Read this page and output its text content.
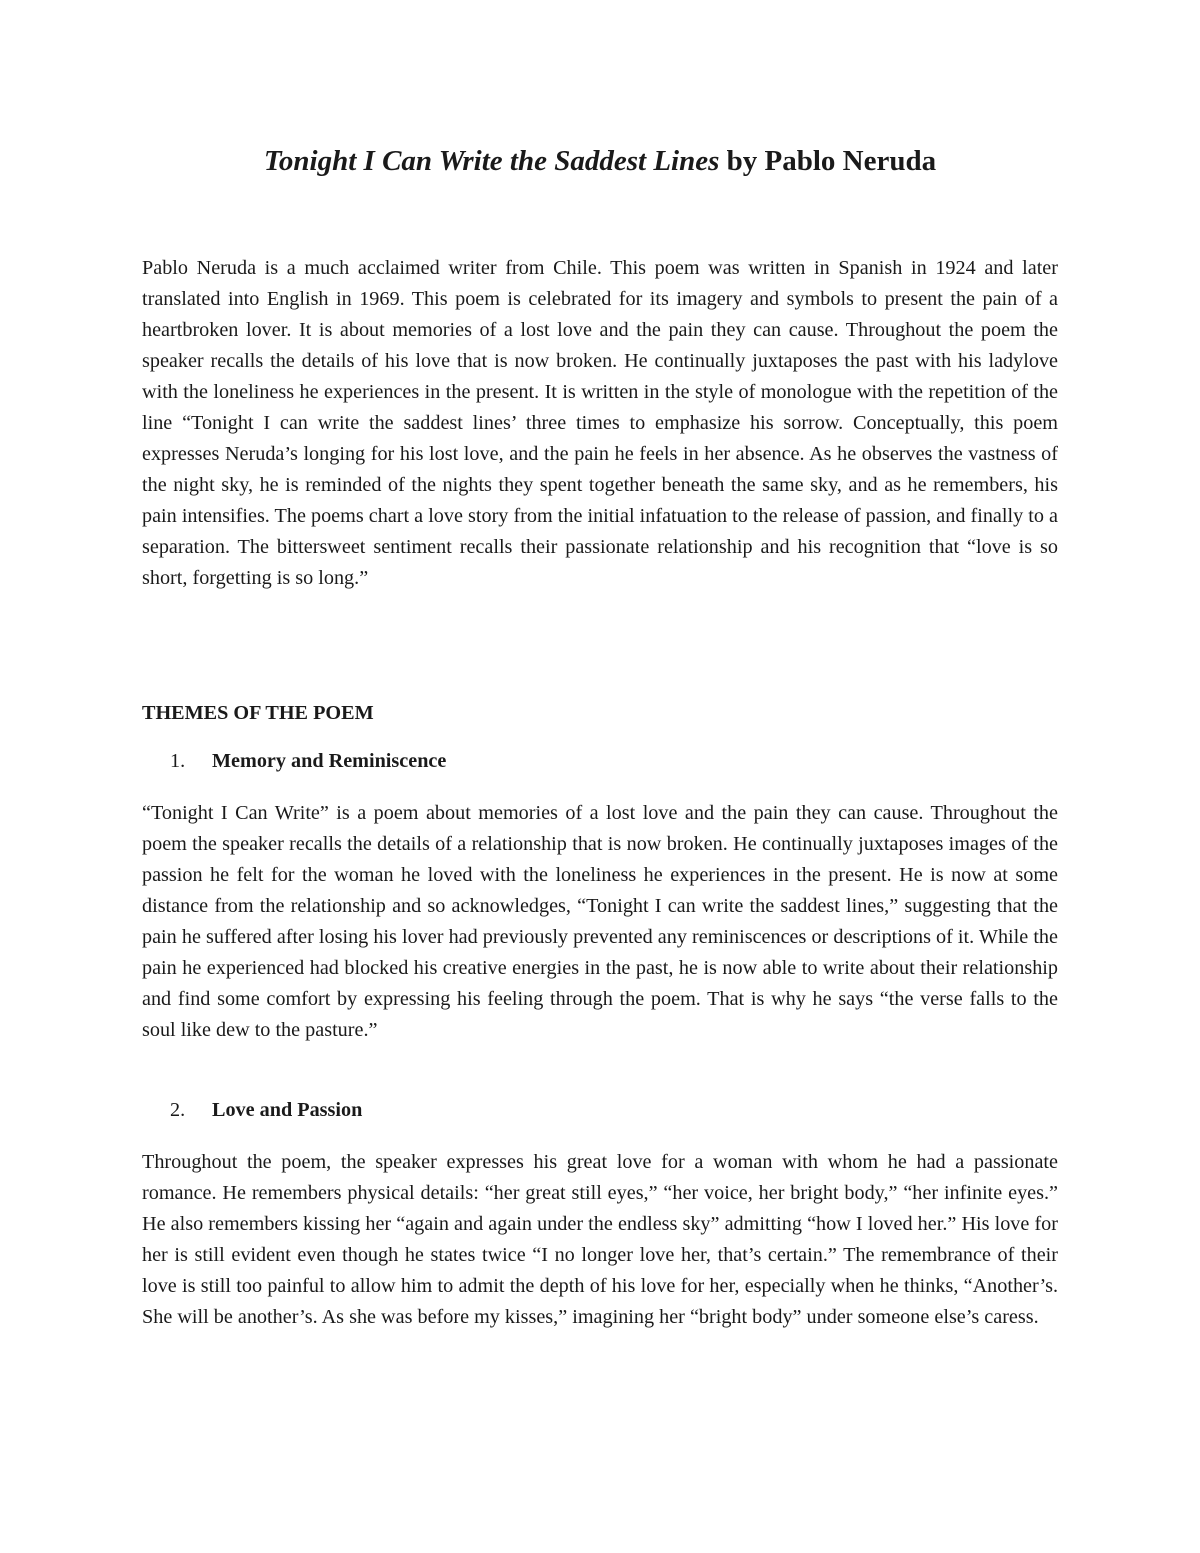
Tonight I Can Write the Saddest Lines by Pablo Neruda

Pablo Neruda is a much acclaimed writer from Chile. This poem was written in Spanish in 1924 and later translated into English in 1969. This poem is celebrated for its imagery and symbols to present the pain of a heartbroken lover. It is about memories of a lost love and the pain they can cause. Throughout the poem the speaker recalls the details of his love that is now broken. He continually juxtaposes the past with his ladylove with the loneliness he experiences in the present. It is written in the style of monologue with the repetition of the line “Tonight I can write the saddest lines’ three times to emphasize his sorrow. Conceptually, this poem expresses Neruda’s longing for his lost love, and the pain he feels in her absence. As he observes the vastness of the night sky, he is reminded of the nights they spent together beneath the same sky, and as he remembers, his pain intensifies. The poems chart a love story from the initial infatuation to the release of passion, and finally to a separation. The bittersweet sentiment recalls their passionate relationship and his recognition that “love is so short, forgetting is so long.”

THEMES OF THE POEM
1.	Memory and Reminiscence

“Tonight I Can Write” is a poem about memories of a lost love and the pain they can cause. Throughout the poem the speaker recalls the details of a relationship that is now broken. He continually juxtaposes images of the passion he felt for the woman he loved with the loneliness he experiences in the present. He is now at some distance from the relationship and so acknowledges, “Tonight I can write the saddest lines,” suggesting that the pain he suffered after losing his lover had previously prevented any reminiscences or descriptions of it. While the pain he experienced had blocked his creative energies in the past, he is now able to write about their relationship and find some comfort by expressing his feeling through the poem. That is why he says “the verse falls to the soul like dew to the pasture.”

2.	Love and Passion

Throughout the poem, the speaker expresses his great love for a woman with whom he had a passionate romance. He remembers physical details: “her great still eyes,” “her voice, her bright body,” “her infinite eyes.” He also remembers kissing her “again and again under the endless sky” admitting “how I loved her.” His love for her is still evident even though he states twice “I no longer love her, that’s certain.” The remembrance of their love is still too painful to allow him to admit the depth of his love for her, especially when he thinks, “Another’s. She will be another’s. As she was before my kisses,” imagining her “bright body” under someone else’s caress.
